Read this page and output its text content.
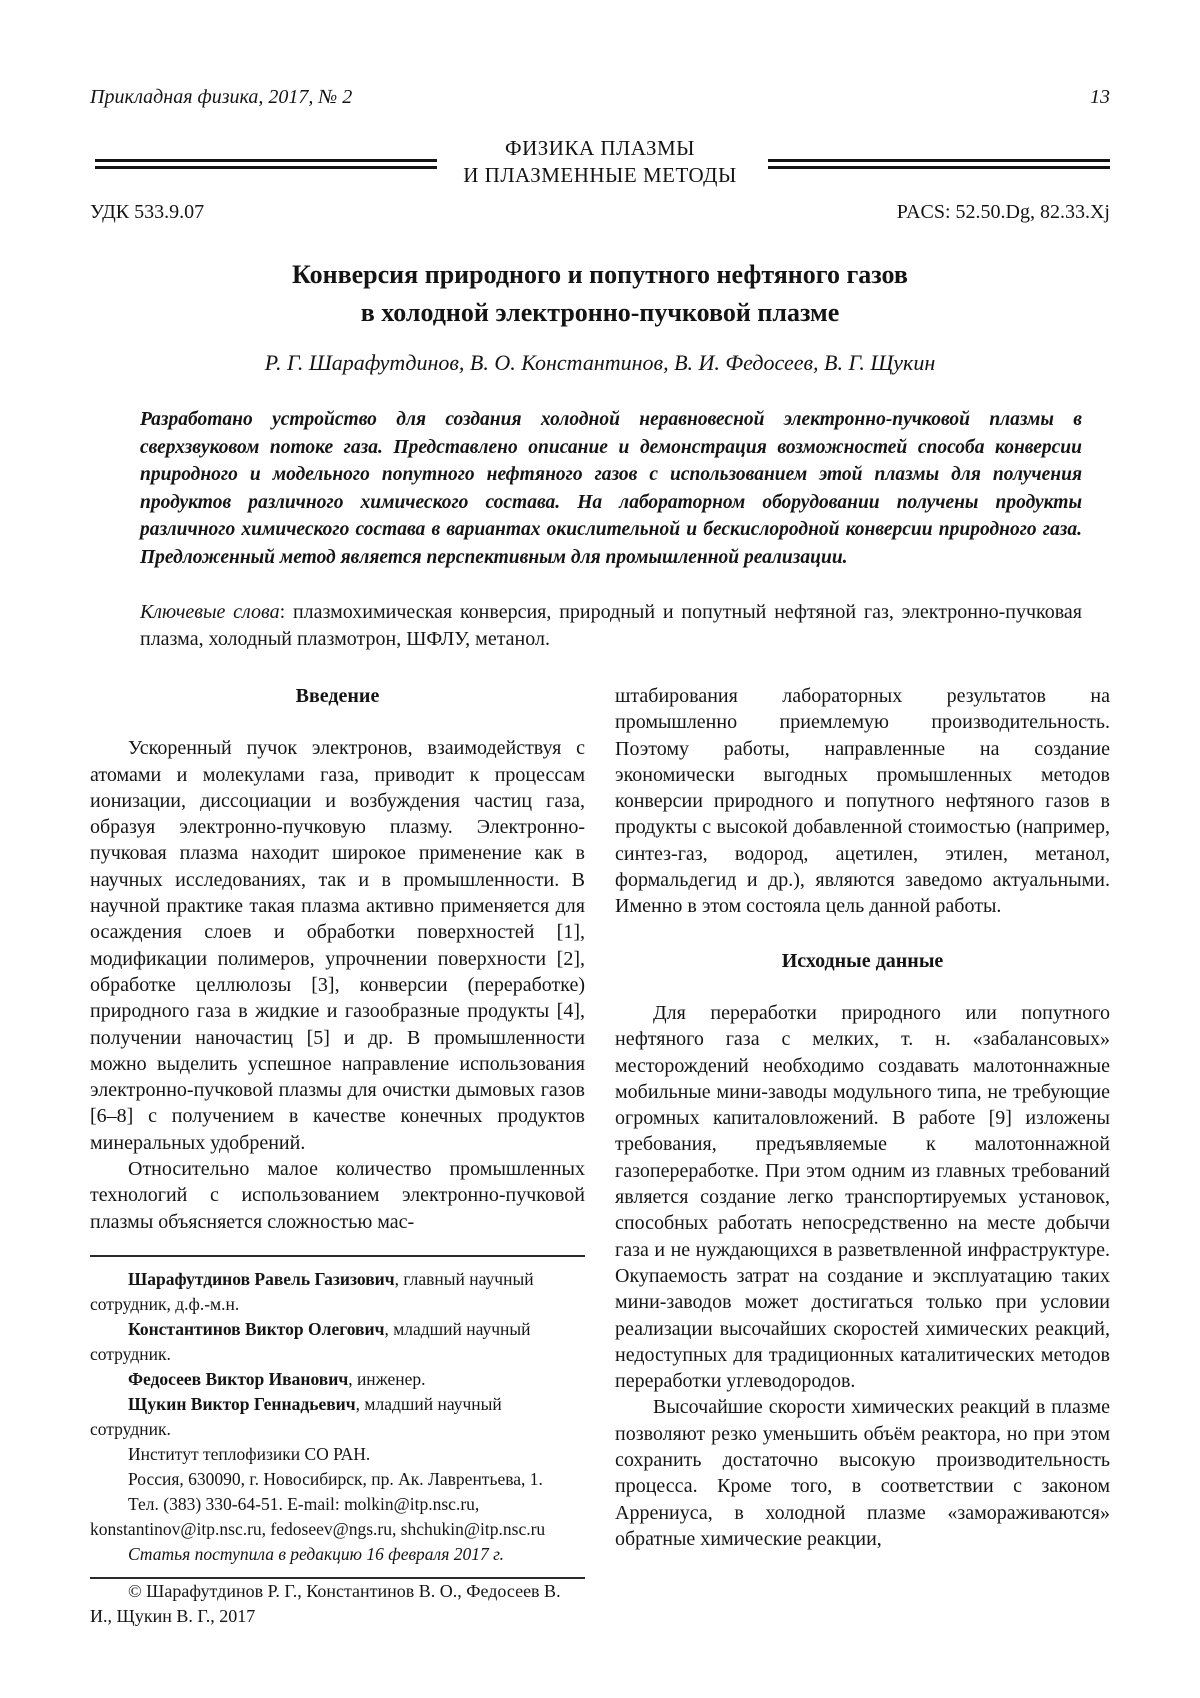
Прикладная физика, 2017, № 2	13
ФИЗИКА ПЛАЗМЫ
И ПЛАЗМЕННЫЕ МЕТОДЫ
УДК 533.9.07	PACS: 52.50.Dg, 82.33.Xj
Конверсия природного и попутного нефтяного газов
в холодной электронно-пучковой плазме
Р. Г. Шарафутдинов, В. О. Константинов, В. И. Федосеев, В. Г. Щукин
Разработано устройство для создания холодной неравновесной электронно-пучковой плазмы в сверхзвуковом потоке газа. Представлено описание и демонстрация возможностей способа конверсии природного и модельного попутного нефтяного газов с использованием этой плазмы для получения продуктов различного химического состава. На лабораторном оборудовании получены продукты различного химического состава в вариантах окислительной и бескислородной конверсии природного газа. Предложенный метод является перспективным для промышленной реализации.
Ключевые слова: плазмохимическая конверсия, природный и попутный нефтяной газ, электронно-пучковая плазма, холодный плазмотрон, ШФЛУ, метанол.
Введение

Ускоренный пучок электронов, взаимодействуя с атомами и молекулами газа, приводит к процессам ионизации, диссоциации и возбуждения частиц газа, образуя электронно-пучковую плазму. Электронно-пучковая плазма находит широкое применение как в научных исследованиях, так и в промышленности. В научной практике такая плазма активно применяется для осаждения слоев и обработки поверхностей [1], модификации полимеров, упрочнении поверхности [2], обработке целлюлозы [3], конверсии (переработке) природного газа в жидкие и газообразные продукты [4], получении наночастиц [5] и др. В промышленности можно выделить успешное направление использования электронно-пучковой плазмы для очистки дымовых газов [6–8] с получением в качестве конечных продуктов минеральных удобрений.

Относительно малое количество промышленных технологий с использованием электронно-пучковой плазмы объясняется сложностью мас-

Шарафутдинов Равель Газизович, главный научный сотрудник, д.ф.-м.н.

Константинов Виктор Олегович, младший научный сотрудник.

Федосеев Виктор Иванович, инженер.

Щукин Виктор Геннадьевич, младший научный сотрудник.

Институт теплофизики СО РАН.

Россия, 630090, г. Новосибирск, пр. Ак. Лаврентьева, 1.

Тел. (383) 330-64-51. E-mail: molkin@itp.nsc.ru, konstantinov@itp.nsc.ru, fedoseev@ngs.ru, shchukin@itp.nsc.ru

Статья поступила в редакцию 16 февраля 2017 г.

© Шарафутдинов Р. Г., Константинов В. О., Федосеев В. И., Щукин В. Г., 2017

штабирования лабораторных результатов на промышленно приемлемую производительность. Поэтому работы, направленные на создание экономически выгодных промышленных методов конверсии природного и попутного нефтяного газов в продукты с высокой добавленной стоимостью (например, синтез-газ, водород, ацетилен, этилен, метанол, формальдегид и др.), являются заведомо актуальными. Именно в этом состояла цель данной работы.

Исходные данные

Для переработки природного или попутного нефтяного газа с мелких, т. н. «забалансовых» месторождений необходимо создавать малотоннажные мобильные мини-заводы модульного типа, не требующие огромных капиталовложений. В работе [9] изложены требования, предъявляемые к малотоннажной газопереработке. При этом одним из главных требований является создание легко транспортируемых установок, способных работать непосредственно на месте добычи газа и не нуждающихся в разветвленной инфраструктуре. Окупаемость затрат на создание и эксплуатацию таких мини-заводов может достигаться только при условии реализации высочайших скоростей химических реакций, недоступных для традиционных каталитических методов переработки углеводородов.

Высочайшие скорости химических реакций в плазме позволяют резко уменьшить объём реактора, но при этом сохранить достаточно высокую производительность процесса. Кроме того, в соответствии с законом Аррениуса, в холодной плазме «замораживаются» обратные химические реакции,
